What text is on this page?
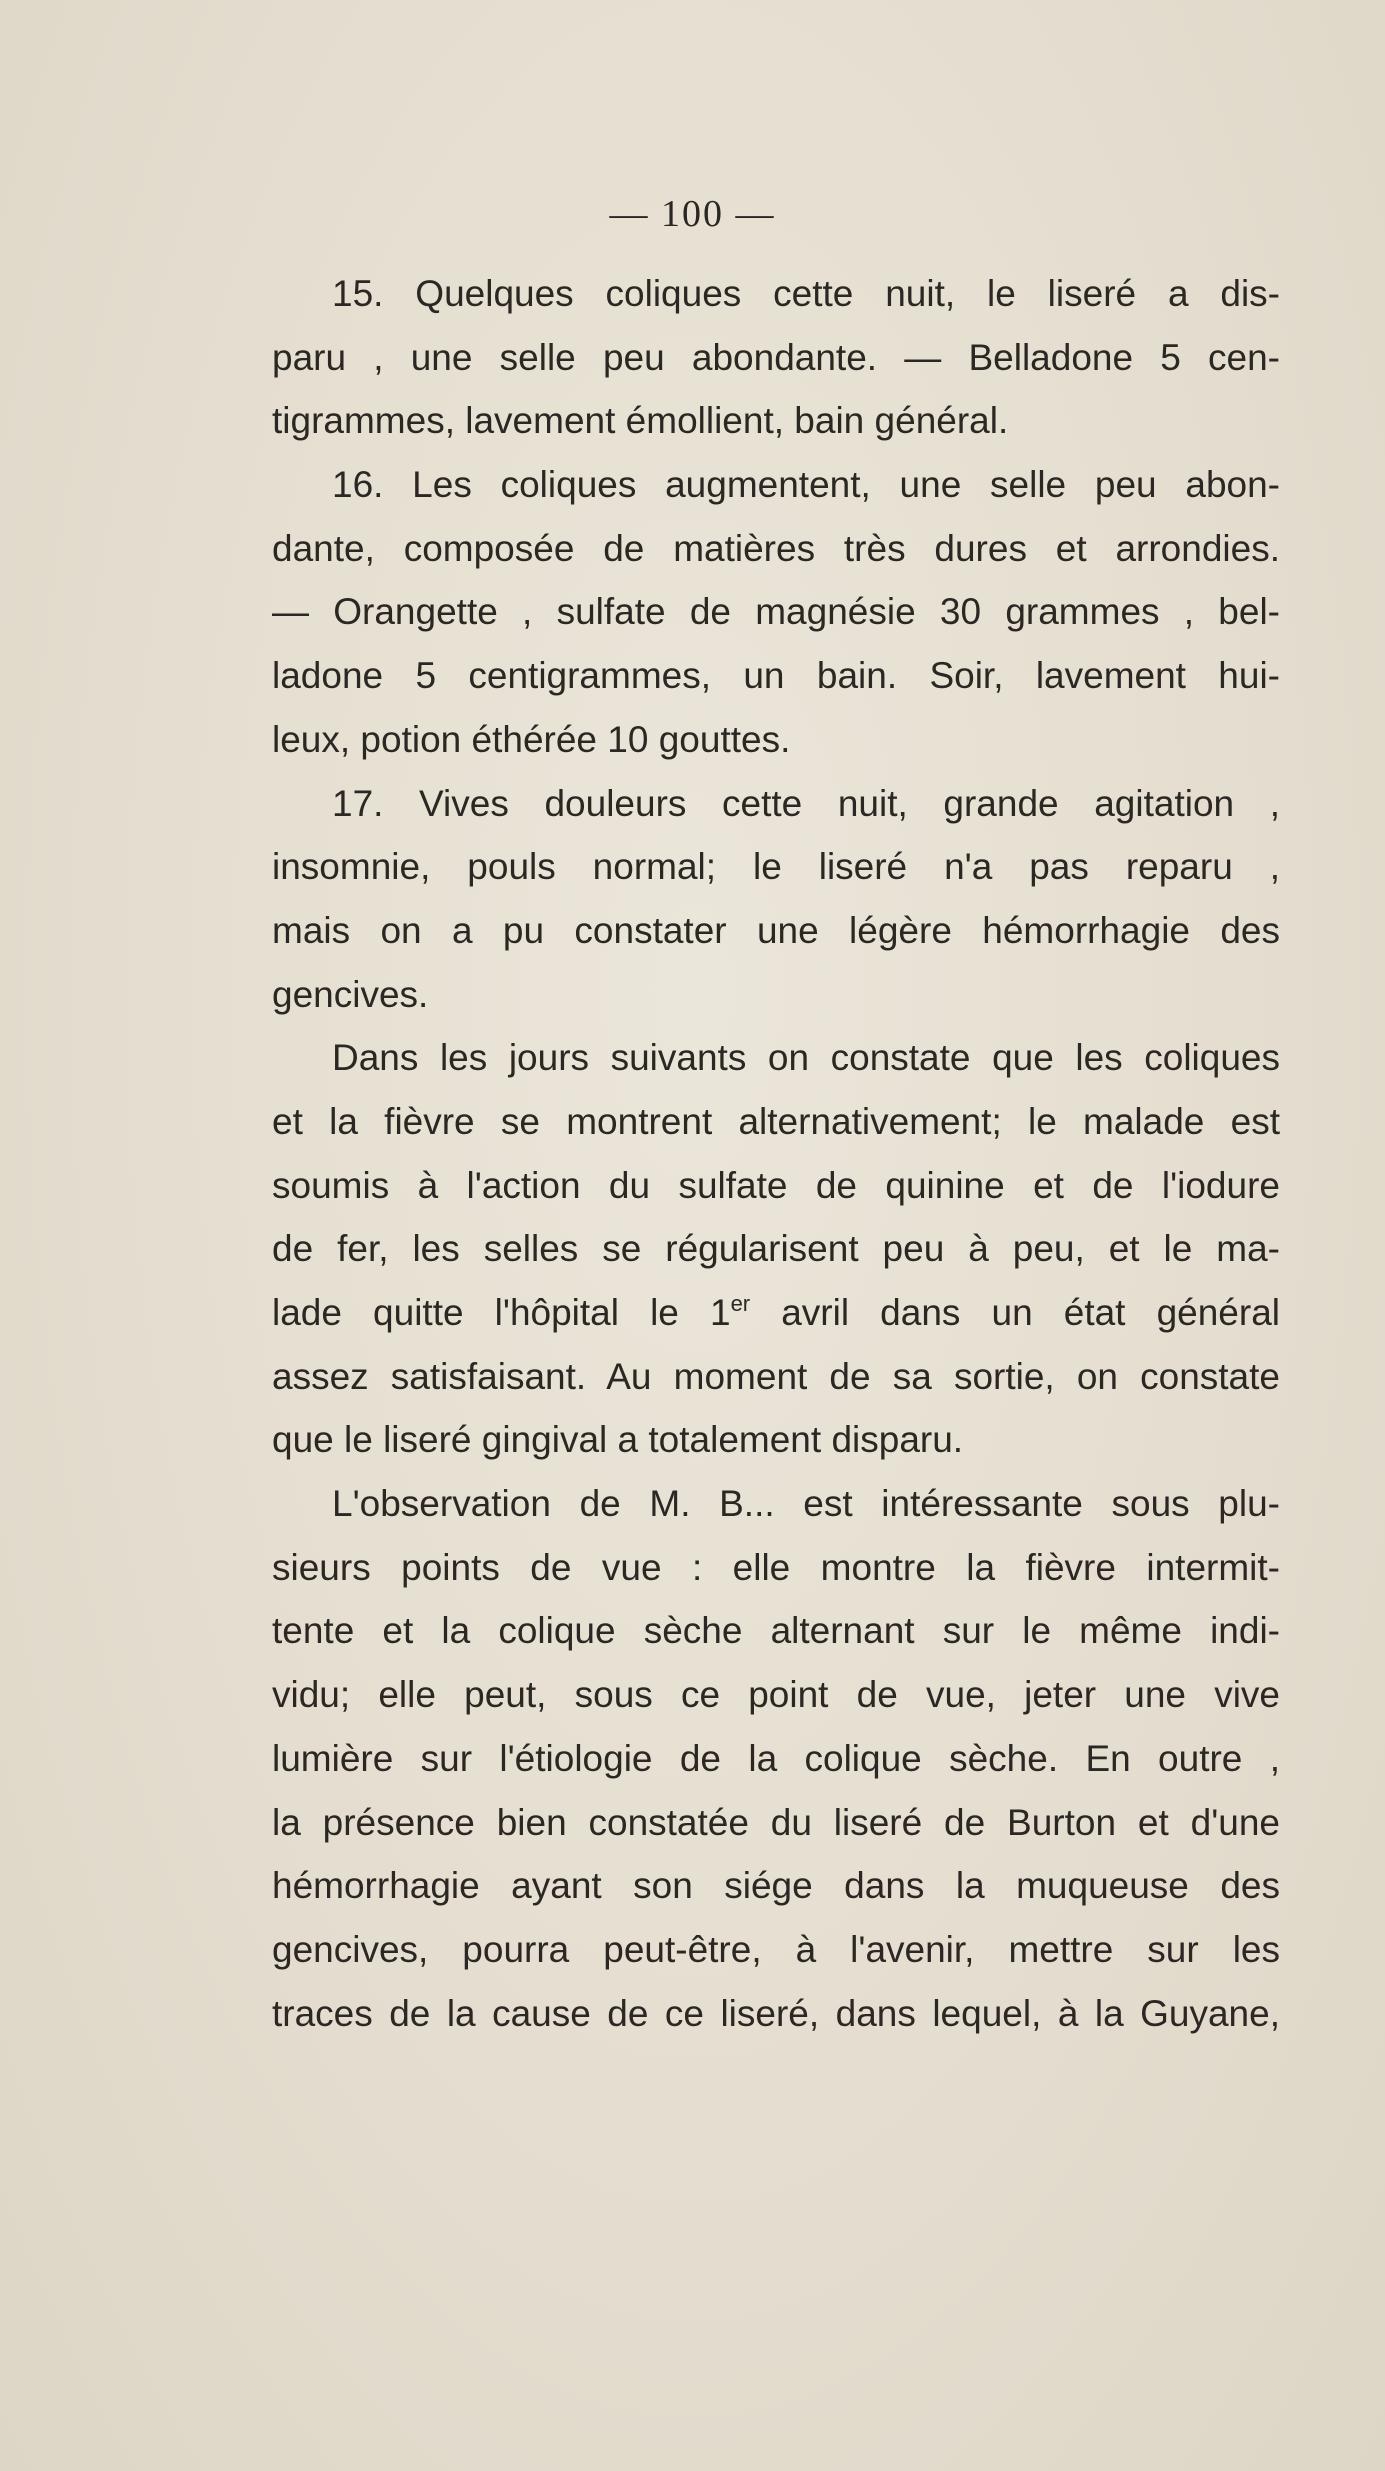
— 100 —
15. Quelques coliques cette nuit, le liseré a dis-
paru , une selle peu abondante. — Belladone 5 cen-
tigrammes, lavement émollient, bain général.
16. Les coliques augmentent, une selle peu abon-
dante, composée de matières très dures et arrondies.
— Orangette , sulfate de magnésie 30 grammes , bel-
ladone 5 centigrammes, un bain. Soir, lavement hui-
leux, potion éthérée 10 gouttes.
17. Vives douleurs cette nuit, grande agitation ,
insomnie, pouls normal; le liseré n'a pas reparu ,
mais on a pu constater une légère hémorrhagie des
gencives.
Dans les jours suivants on constate que les coliques
et la fièvre se montrent alternativement; le malade est
soumis à l'action du sulfate de quinine et de l'iodure
de fer, les selles se régularisent peu à peu, et le ma-
lade quitte l'hôpital le 1er avril dans un état général
assez satisfaisant. Au moment de sa sortie, on constate
que le liseré gingival a totalement disparu.
L'observation de M. B... est intéressante sous plu-
sieurs points de vue : elle montre la fièvre intermit-
tente et la colique sèche alternant sur le même indi-
vidu; elle peut, sous ce point de vue, jeter une vive
lumière sur l'étiologie de la colique sèche. En outre ,
la présence bien constatée du liseré de Burton et d'une
hémorrhagie ayant son siége dans la muqueuse des
gencives, pourra peut-être, à l'avenir, mettre sur les
traces de la cause de ce liseré, dans lequel, à la Guyane,
